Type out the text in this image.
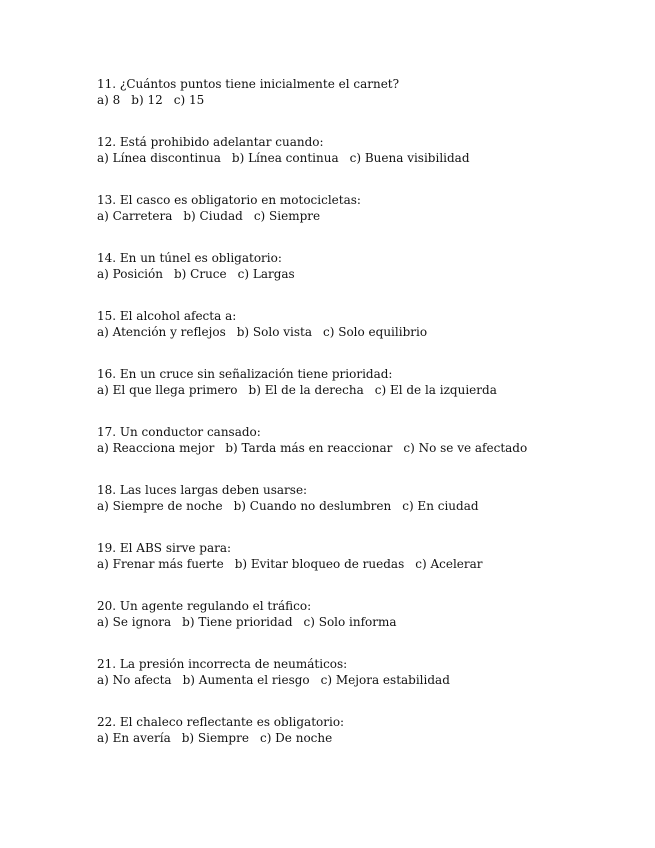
11. ¿Cuántos puntos tiene inicialmente el carnet?
a) 8 b) 12 c) 15
12. Está prohibido adelantar cuando:
a) Línea discontinua b) Línea continua c) Buena visibilidad
13. El casco es obligatorio en motocicletas:
a) Carretera b) Ciudad c) Siempre
14. En un túnel es obligatorio:
a) Posición b) Cruce c) Largas
15. El alcohol afecta a:
a) Atención y reflejos b) Solo vista c) Solo equilibrio
16. En un cruce sin señalización tiene prioridad:
a) El que llega primero b) El de la derecha c) El de la izquierda
17. Un conductor cansado:
a) Reacciona mejor b) Tarda más en reaccionar c) No se ve afectado
18. Las luces largas deben usarse:
a) Siempre de noche b) Cuando no deslumbren c) En ciudad
19. El ABS sirve para:
a) Frenar más fuerte b) Evitar bloqueo de ruedas c) Acelerar
20. Un agente regulando el tráfico:
a) Se ignora b) Tiene prioridad c) Solo informa
21. La presión incorrecta de neumáticos:
a) No afecta b) Aumenta el riesgo c) Mejora estabilidad
22. El chaleco reflectante es obligatorio:
a) En avería b) Siempre c) De noche
